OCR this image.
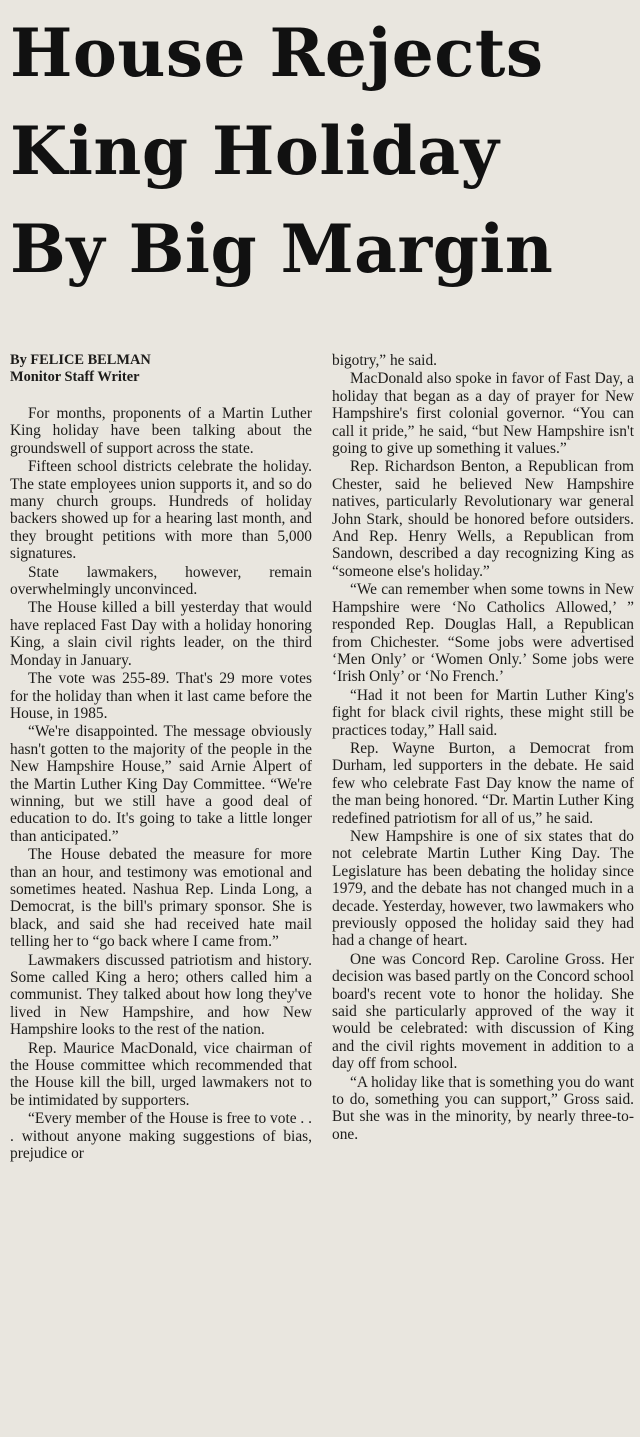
House Rejects
King Holiday
By Big Margin
By FELICE BELMAN
Monitor Staff Writer

For months, proponents of a Martin Luther King holiday have been talking about the groundswell of support across the state.

Fifteen school districts celebrate the holiday. The state employees union supports it, and so do many church groups. Hundreds of holiday backers showed up for a hearing last month, and they brought petitions with more than 5,000 signatures.

State lawmakers, however, remain overwhelmingly unconvinced.

The House killed a bill yesterday that would have replaced Fast Day with a holiday honoring King, a slain civil rights leader, on the third Monday in January.

The vote was 255-89. That's 29 more votes for the holiday than when it last came before the House, in 1985.

“We're disappointed. The message obviously hasn't gotten to the majority of the people in the New Hampshire House,” said Arnie Alpert of the Martin Luther King Day Committee. “We're winning, but we still have a good deal of education to do. It's going to take a little longer than anticipated.”

The House debated the measure for more than an hour, and testimony was emotional and sometimes heated. Nashua Rep. Linda Long, a Democrat, is the bill's primary sponsor. She is black, and said she had received hate mail telling her to “go back where I came from.”

Lawmakers discussed patriotism and history. Some called King a hero; others called him a communist. They talked about how long they've lived in New Hampshire, and how New Hampshire looks to the rest of the nation.

Rep. Maurice MacDonald, vice chairman of the House committee which recommended that the House kill the bill, urged lawmakers not to be intimidated by supporters.

“Every member of the House is free to vote . . . without anyone making suggestions of bias, prejudice or

bigotry,” he said.

MacDonald also spoke in favor of Fast Day, a holiday that began as a day of prayer for New Hampshire's first colonial governor. “You can call it pride,” he said, “but New Hampshire isn't going to give up something it values.”

Rep. Richardson Benton, a Republican from Chester, said he believed New Hampshire natives, particularly Revolutionary war general John Stark, should be honored before outsiders. And Rep. Henry Wells, a Republican from Sandown, described a day recognizing King as “someone else's holiday.”

“We can remember when some towns in New Hampshire were ‘No Catholics Allowed,’ ” responded Rep. Douglas Hall, a Republican from Chichester. “Some jobs were advertised ‘Men Only’ or ‘Women Only.’ Some jobs were ‘Irish Only’ or ‘No French.’

“Had it not been for Martin Luther King's fight for black civil rights, these might still be practices today,” Hall said.

Rep. Wayne Burton, a Democrat from Durham, led supporters in the debate. He said few who celebrate Fast Day know the name of the man being honored. “Dr. Martin Luther King redefined patriotism for all of us,” he said.

New Hampshire is one of six states that do not celebrate Martin Luther King Day. The Legislature has been debating the holiday since 1979, and the debate has not changed much in a decade. Yesterday, however, two lawmakers who previously opposed the holiday said they had had a change of heart.

One was Concord Rep. Caroline Gross. Her decision was based partly on the Concord school board's recent vote to honor the holiday. She said she particularly approved of the way it would be celebrated: with discussion of King and the civil rights movement in addition to a day off from school.

“A holiday like that is something you do want to do, something you can support,” Gross said. But she was in the minority, by nearly three-to-one.
